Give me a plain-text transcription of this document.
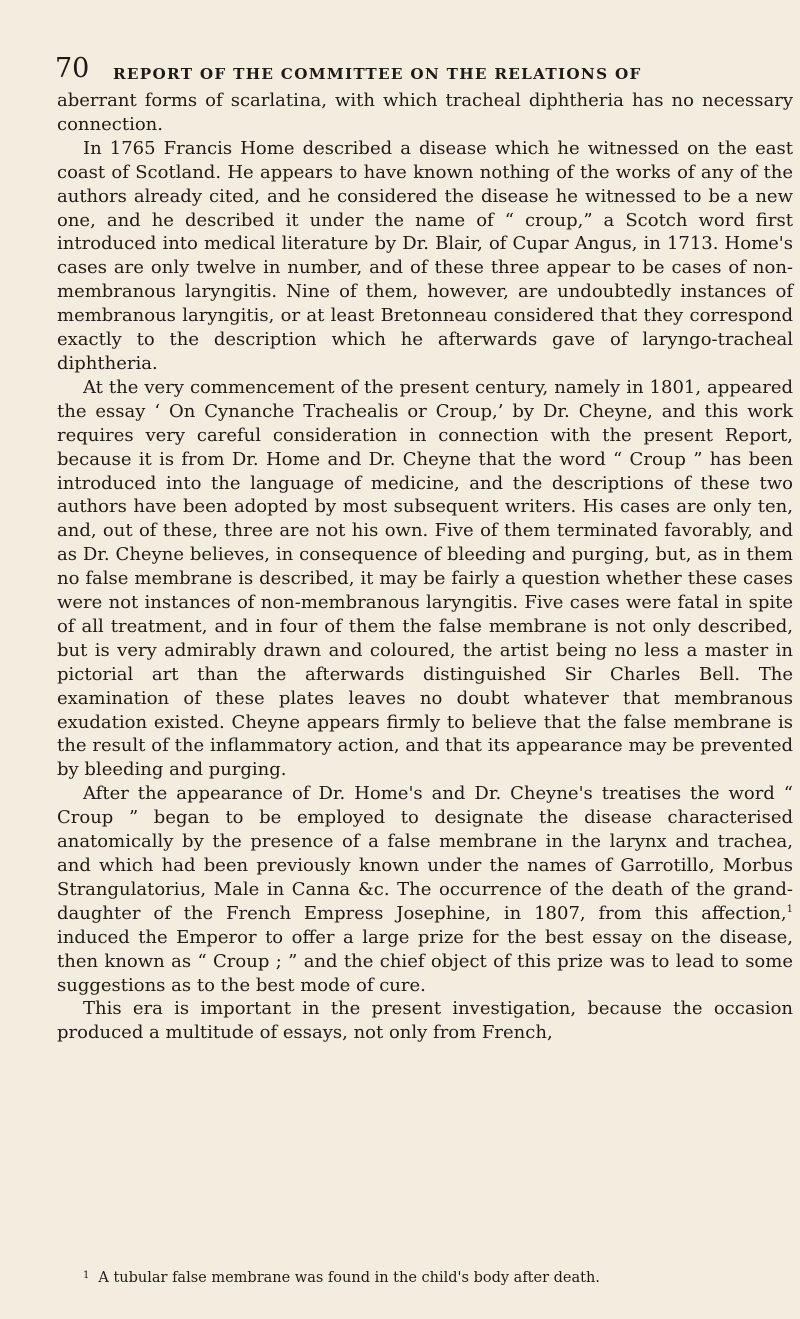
70 REPORT OF THE COMMITTEE ON THE RELATIONS OF

aberrant forms of scarlatina, with which tracheal diphtheria has no necessary connection.

In 1765 Francis Home described a disease which he witnessed on the east coast of Scotland. He appears to have known nothing of the works of any of the authors already cited, and he considered the disease he witnessed to be a new one, and he described it under the name of “ croup,” a Scotch word first introduced into medical literature by Dr. Blair, of Cupar Angus, in 1713. Home's cases are only twelve in number, and of these three appear to be cases of non-membranous laryngitis. Nine of them, however, are undoubtedly instances of membranous laryngitis, or at least Bretonneau considered that they correspond exactly to the description which he afterwards gave of laryngo-tracheal diphtheria.

At the very commencement of the present century, namely in 1801, appeared the essay ‘ On Cynanche Trachealis or Croup,’ by Dr. Cheyne, and this work requires very careful consideration in connection with the present Report, because it is from Dr. Home and Dr. Cheyne that the word “ Croup ” has been introduced into the language of medicine, and the descriptions of these two authors have been adopted by most subsequent writers. His cases are only ten, and, out of these, three are not his own. Five of them terminated favorably, and as Dr. Cheyne believes, in consequence of bleeding and purging, but, as in them no false membrane is described, it may be fairly a question whether these cases were not instances of non-membranous laryngitis. Five cases were fatal in spite of all treatment, and in four of them the false membrane is not only described, but is very admirably drawn and coloured, the artist being no less a master in pictorial art than the afterwards distinguished Sir Charles Bell. The examination of these plates leaves no doubt whatever that membranous exudation existed. Cheyne appears firmly to believe that the false membrane is the result of the inflammatory action, and that its appearance may be prevented by bleeding and purging.

After the appearance of Dr. Home's and Dr. Cheyne's treatises the word “ Croup ” began to be employed to designate the disease characterised anatomically by the presence of a false membrane in the larynx and trachea, and which had been previously known under the names of Garrotillo, Morbus Strangulatorius, Male in Canna &c. The occurrence of the death of the grand-daughter of the French Empress Josephine, in 1807, from this affection,$^1$ induced the Emperor to offer a large prize for the best essay on the disease, then known as “ Croup ; ” and the chief object of this prize was to lead to some suggestions as to the best mode of cure.

This era is important in the present investigation, because the occasion produced a multitude of essays, not only from French,

$^1$ A tubular false membrane was found in the child's body after death.
